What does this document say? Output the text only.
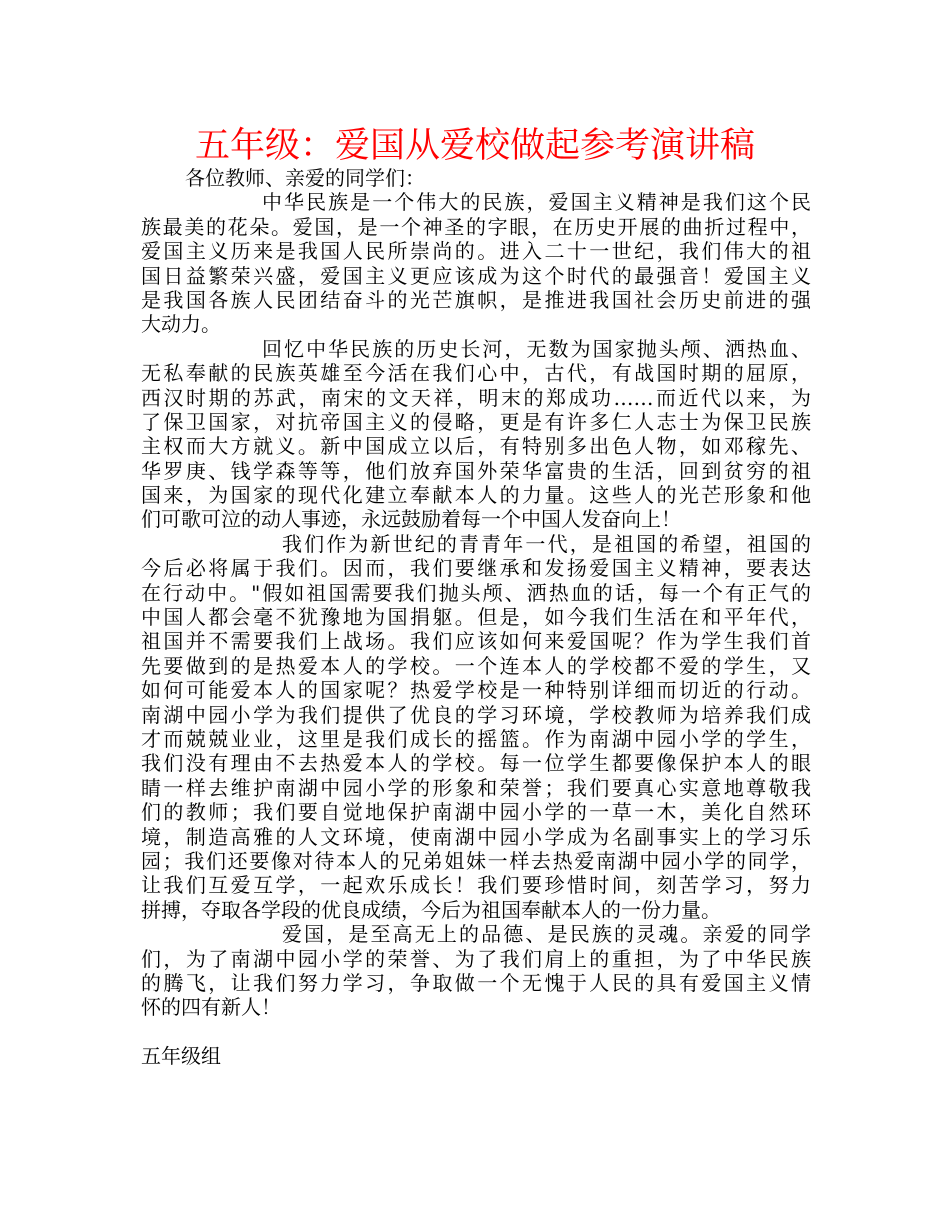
五年级：爱国从爱校做起参考演讲稿
各位教师、亲爱的同学们：
中华民族是一个伟大的民族，爱国主义精神是我们这个民
族最美的花朵。爱国，是一个神圣的字眼，在历史开展的曲折过程中，
爱国主义历来是我国人民所崇尚的。进入二十一世纪，我们伟大的祖
国日益繁荣兴盛，爱国主义更应该成为这个时代的最强音！爱国主义
是我国各族人民团结奋斗的光芒旗帜，是推进我国社会历史前进的强
大动力。
回忆中华民族的历史长河，无数为国家抛头颅、洒热血、
无私奉献的民族英雄至今活在我们心中，古代，有战国时期的屈原，
西汉时期的苏武，南宋的文天祥，明末的郑成功……而近代以来，为
了保卫国家，对抗帝国主义的侵略，更是有许多仁人志士为保卫民族
主权而大方就义。新中国成立以后，有特别多出色人物，如邓稼先、
华罗庚、钱学森等等，他们放弃国外荣华富贵的生活，回到贫穷的祖
国来，为国家的现代化建立奉献本人的力量。这些人的光芒形象和他
们可歌可泣的动人事迹，永远鼓励着每一个中国人发奋向上！
我们作为新世纪的青青年一代，是祖国的希望，祖国的
今后必将属于我们。因而，我们要继承和发扬爱国主义精神，要表达
在行动中。"假如祖国需要我们抛头颅、洒热血的话，每一个有正气的
中国人都会毫不犹豫地为国捐躯。但是，如今我们生活在和平年代，
祖国并不需要我们上战场。我们应该如何来爱国呢？作为学生我们首
先要做到的是热爱本人的学校。一个连本人的学校都不爱的学生，又
如何可能爱本人的国家呢？热爱学校是一种特别详细而切近的行动。
南湖中园小学为我们提供了优良的学习环境，学校教师为培养我们成
才而兢兢业业，这里是我们成长的摇篮。作为南湖中园小学的学生，
我们没有理由不去热爱本人的学校。每一位学生都要像保护本人的眼
睛一样去维护南湖中园小学的形象和荣誉；我们要真心实意地尊敬我
们的教师；我们要自觉地保护南湖中园小学的一草一木，美化自然环
境，制造高雅的人文环境，使南湖中园小学成为名副事实上的学习乐
园；我们还要像对待本人的兄弟姐妹一样去热爱南湖中园小学的同学，
让我们互爱互学，一起欢乐成长！我们要珍惜时间，刻苦学习，努力
拼搏，夺取各学段的优良成绩，今后为祖国奉献本人的一份力量。
爱国，是至高无上的品德、是民族的灵魂。亲爱的同学
们，为了南湖中园小学的荣誉、为了我们肩上的重担，为了中华民族
的腾飞，让我们努力学习，争取做一个无愧于人民的具有爱国主义情
怀的四有新人！
五年级组
